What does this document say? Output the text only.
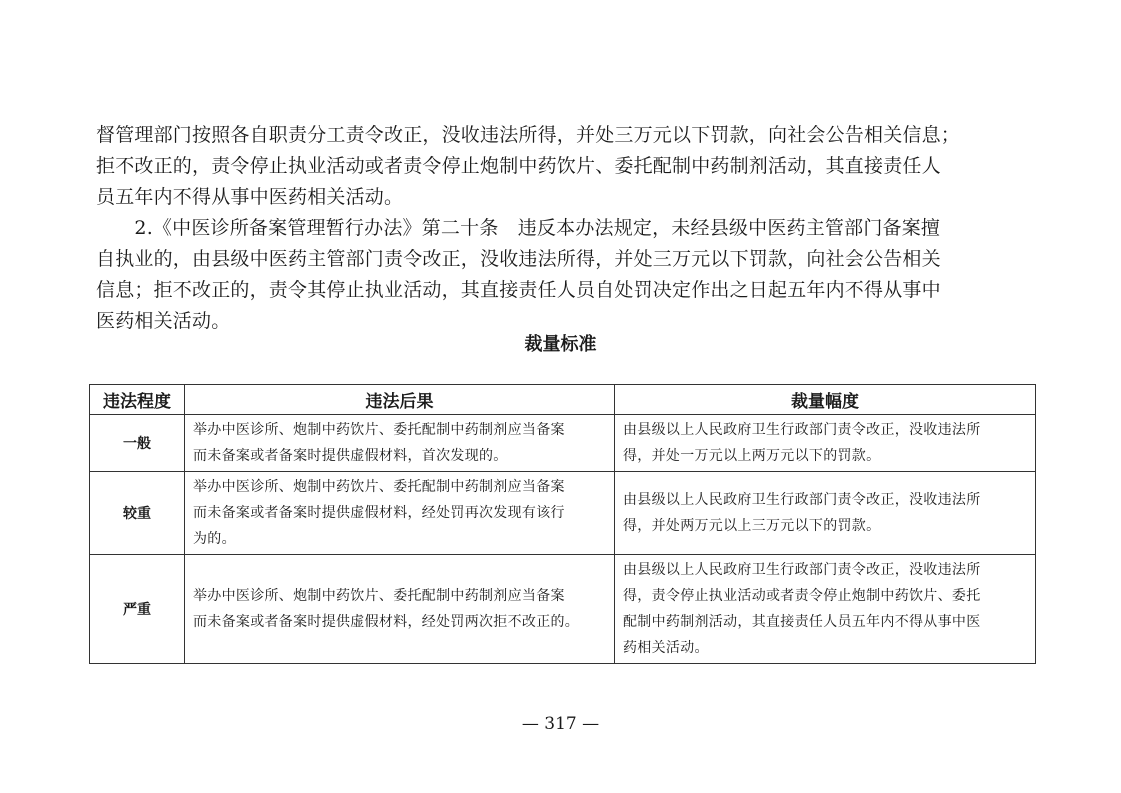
督管理部门按照各自职责分工责令改正，没收违法所得，并处三万元以下罚款，向社会公告相关信息；
拒不改正的，责令停止执业活动或者责令停止炮制中药饮片、委托配制中药制剂活动，其直接责任人
员五年内不得从事中医药相关活动。

　　2.《中医诊所备案管理暂行办法》第二十条　违反本办法规定，未经县级中医药主管部门备案擅
自执业的，由县级中医药主管部门责令改正，没收违法所得，并处三万元以下罚款，向社会公告相关
信息；拒不改正的，责令其停止执业活动，其直接责任人员自处罚决定作出之日起五年内不得从事中
医药相关活动。

裁量标准
违法程度	违法后果	裁量幅度
一般	举办中医诊所、炮制中药饮片、委托配制中药制剂应当备案
而未备案或者备案时提供虚假材料，首次发现的。	由县级以上人民政府卫生行政部门责令改正，没收违法所
得，并处一万元以上两万元以下的罚款。

较重	举办中医诊所、炮制中药饮片、委托配制中药制剂应当备案
而未备案或者备案时提供虚假材料，经处罚再次发现有该行
为的。	由县级以上人民政府卫生行政部门责令改正，没收违法所
得，并处两万元以上三万元以下的罚款。

严重	举办中医诊所、炮制中药饮片、委托配制中药制剂应当备案
而未备案或者备案时提供虚假材料，经处罚两次拒不改正的。	由县级以上人民政府卫生行政部门责令改正，没收违法所
得，责令停止执业活动或者责令停止炮制中药饮片、委托
配制中药制剂活动，其直接责任人员五年内不得从事中医
药相关活动。
— 317 —
